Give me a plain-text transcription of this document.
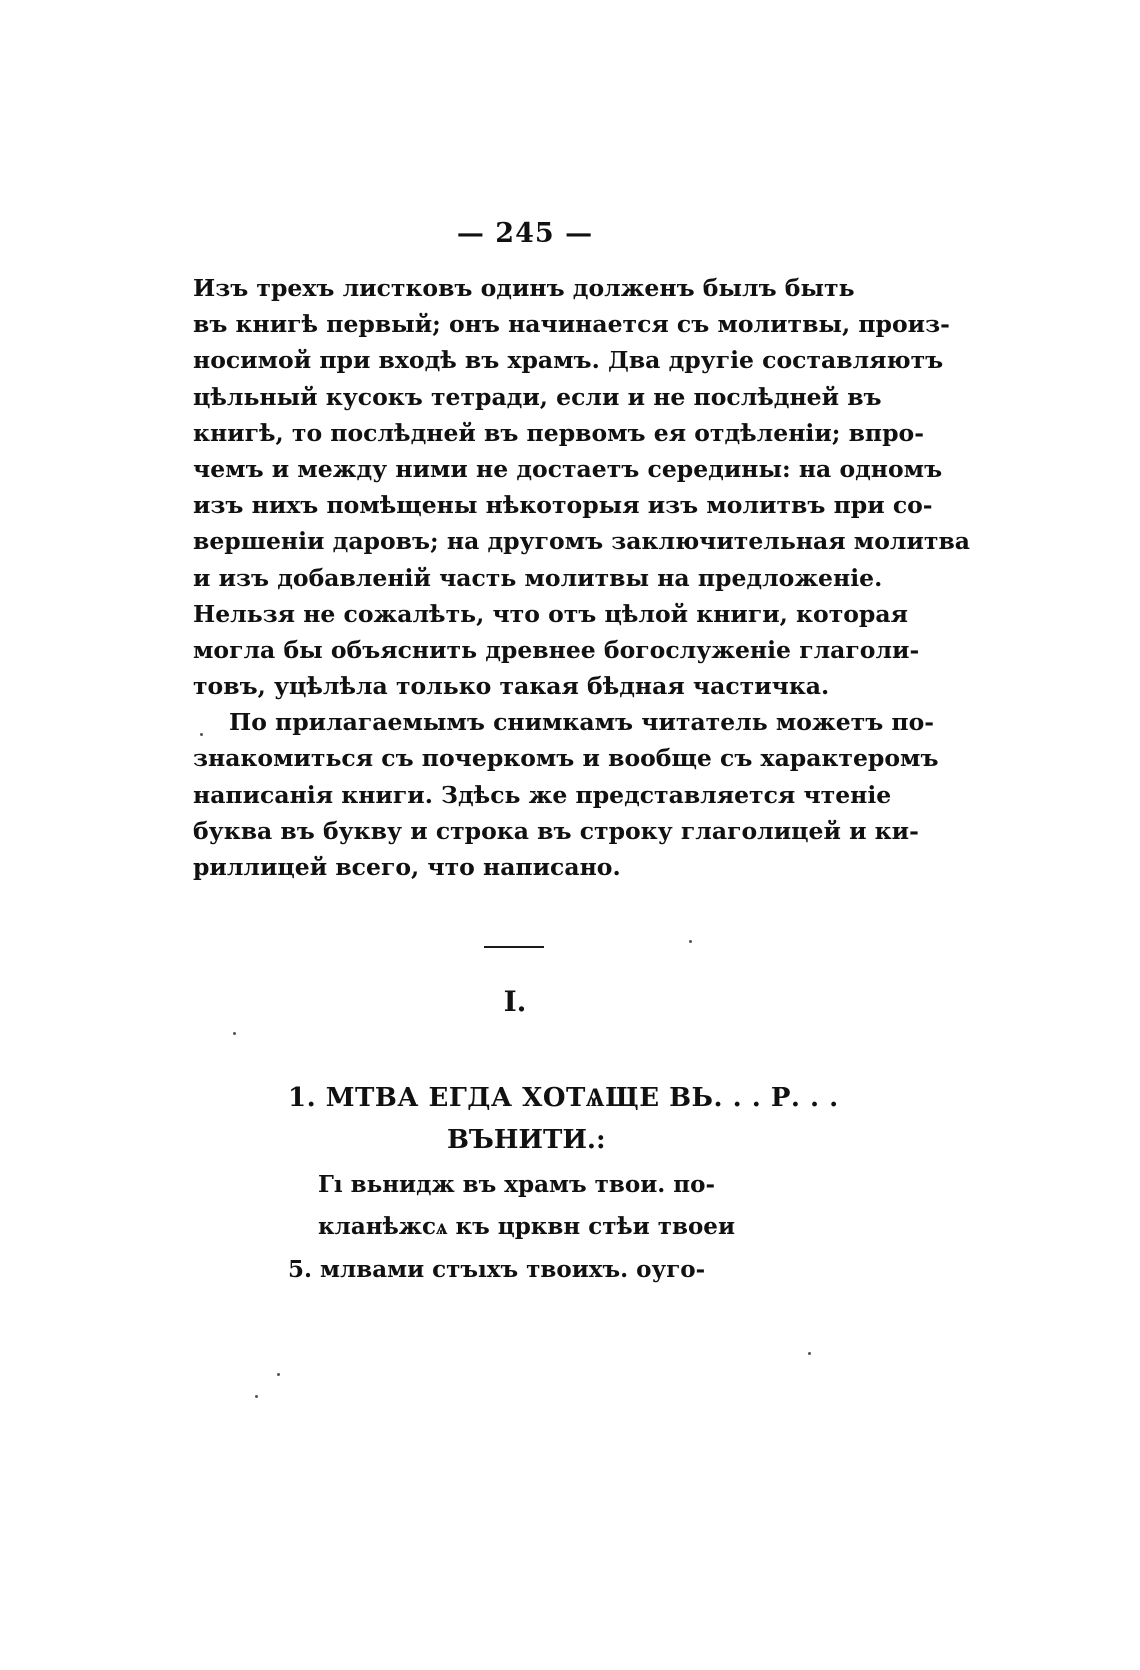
— 245 —
Изъ трехъ листковъ одинъ долженъ былъ быть
въ книгѣ первый; онъ начинается съ молитвы, произ-
носимой при входѣ въ храмъ. Два другіе составляютъ
цѣльный кусокъ тетради, если и не послѣдней въ
книгѣ, то послѣдней въ первомъ ея отдѣленіи; впро-
чемъ и между ними не достаетъ середины: на одномъ
изъ нихъ помѣщены нѣкоторыя изъ молитвъ при со-
вершеніи даровъ; на другомъ заключительная молитва
и изъ добавленій часть молитвы на предложеніе.
Нельзя не сожалѣть, что отъ цѣлой книги, которая
могла бы объяснить древнее богослуженіе глаголи-
товъ, уцѣлѣла только такая бѣдная частичка.
По прилагаемымъ снимкамъ читатель можетъ по-
знакомиться съ почеркомъ и вообще съ характеромъ
написанія книги. Здѣсь же представляется чтеніе
буква въ букву и строка въ строку глаголицей и ки-
риллицей всего, что написано.
I.
1. МТВА ЕГДА ХОТѦЩЕ ВЬ. . . Р. . .
ВЪНИТИ.:
Гı вьнидж въ храмъ твои. по-
кланѣжсѧ къ црквн стѣи твоеи
5. млвами стъıхъ твоихъ. оуго-
